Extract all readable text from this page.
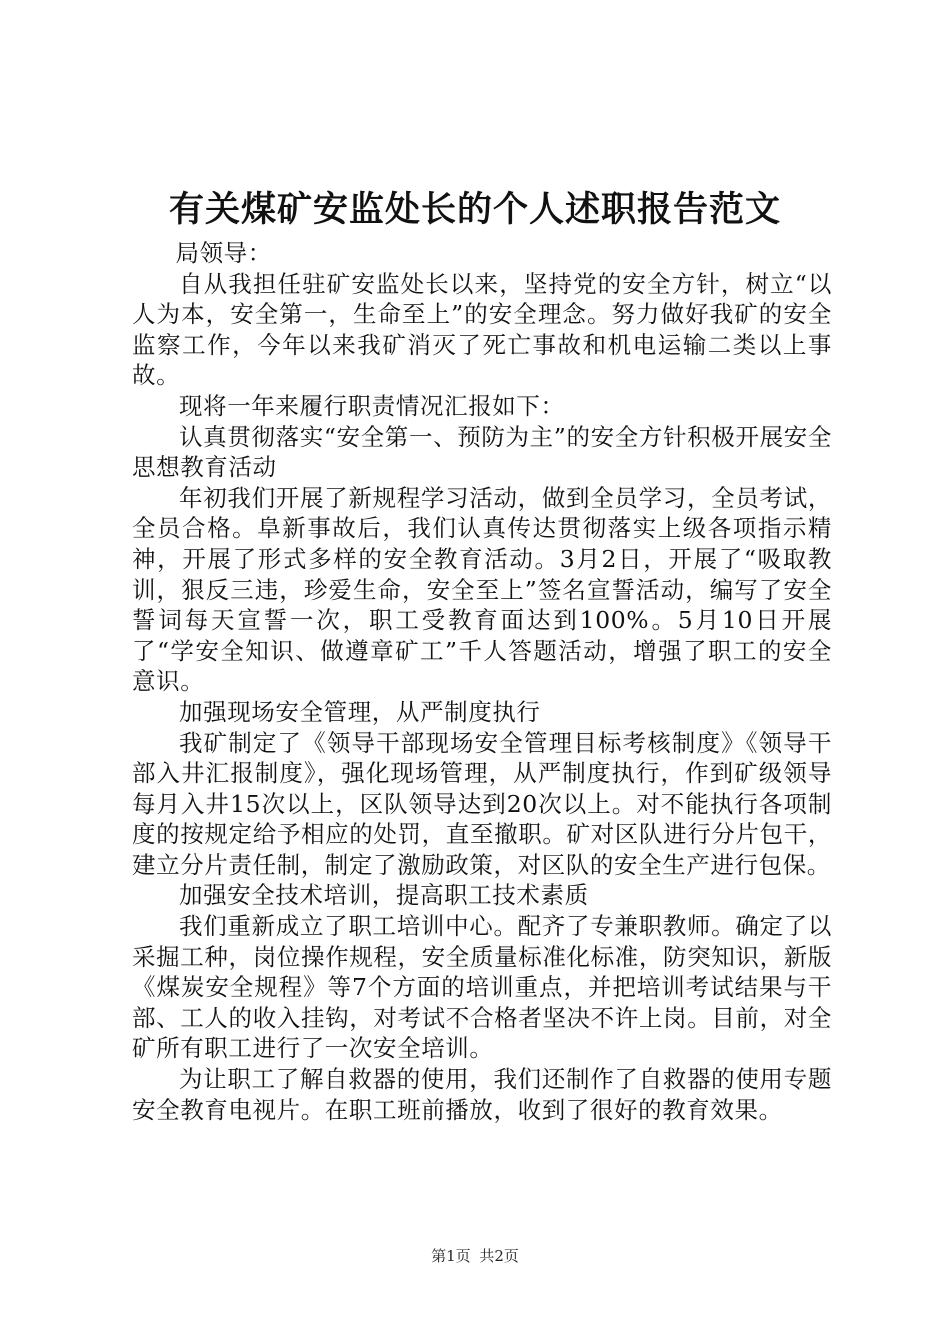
有关煤矿安监处长的个人述职报告范文

局领导：

自从我担任驻矿安监处长以来，坚持党的安全方针，树立“以人为本，安全第一，生命至上”的安全理念。努力做好我矿的安全监察工作，今年以来我矿消灭了死亡事故和机电运输二类以上事故。

现将一年来履行职责情况汇报如下：

认真贯彻落实“安全第一、预防为主”的安全方针积极开展安全思想教育活动

年初我们开展了新规程学习活动，做到全员学习，全员考试，全员合格。阜新事故后，我们认真传达贯彻落实上级各项指示精神，开展了形式多样的安全教育活动。3月2日，开展了“吸取教训，狠反三违，珍爱生命，安全至上”签名宣誓活动，编写了安全誓词每天宣誓一次，职工受教育面达到100%。5月10日开展了“学安全知识、做遵章矿工”千人答题活动，增强了职工的安全意识。

加强现场安全管理，从严制度执行

我矿制定了《领导干部现场安全管理目标考核制度》《领导干部入井汇报制度》，强化现场管理，从严制度执行，作到矿级领导每月入井15次以上，区队领导达到20次以上。对不能执行各项制度的按规定给予相应的处罚，直至撤职。矿对区队进行分片包干，建立分片责任制，制定了激励政策，对区队的安全生产进行包保。

加强安全技术培训，提高职工技术素质

我们重新成立了职工培训中心。配齐了专兼职教师。确定了以采掘工种，岗位操作规程，安全质量标准化标准，防突知识，新版《煤炭安全规程》等7个方面的培训重点，并把培训考试结果与干部、工人的收入挂钩，对考试不合格者坚决不许上岗。目前，对全矿所有职工进行了一次安全培训。

为让职工了解自救器的使用，我们还制作了自救器的使用专题安全教育电视片。在职工班前播放，收到了很好的教育效果。

第1页 共2页
